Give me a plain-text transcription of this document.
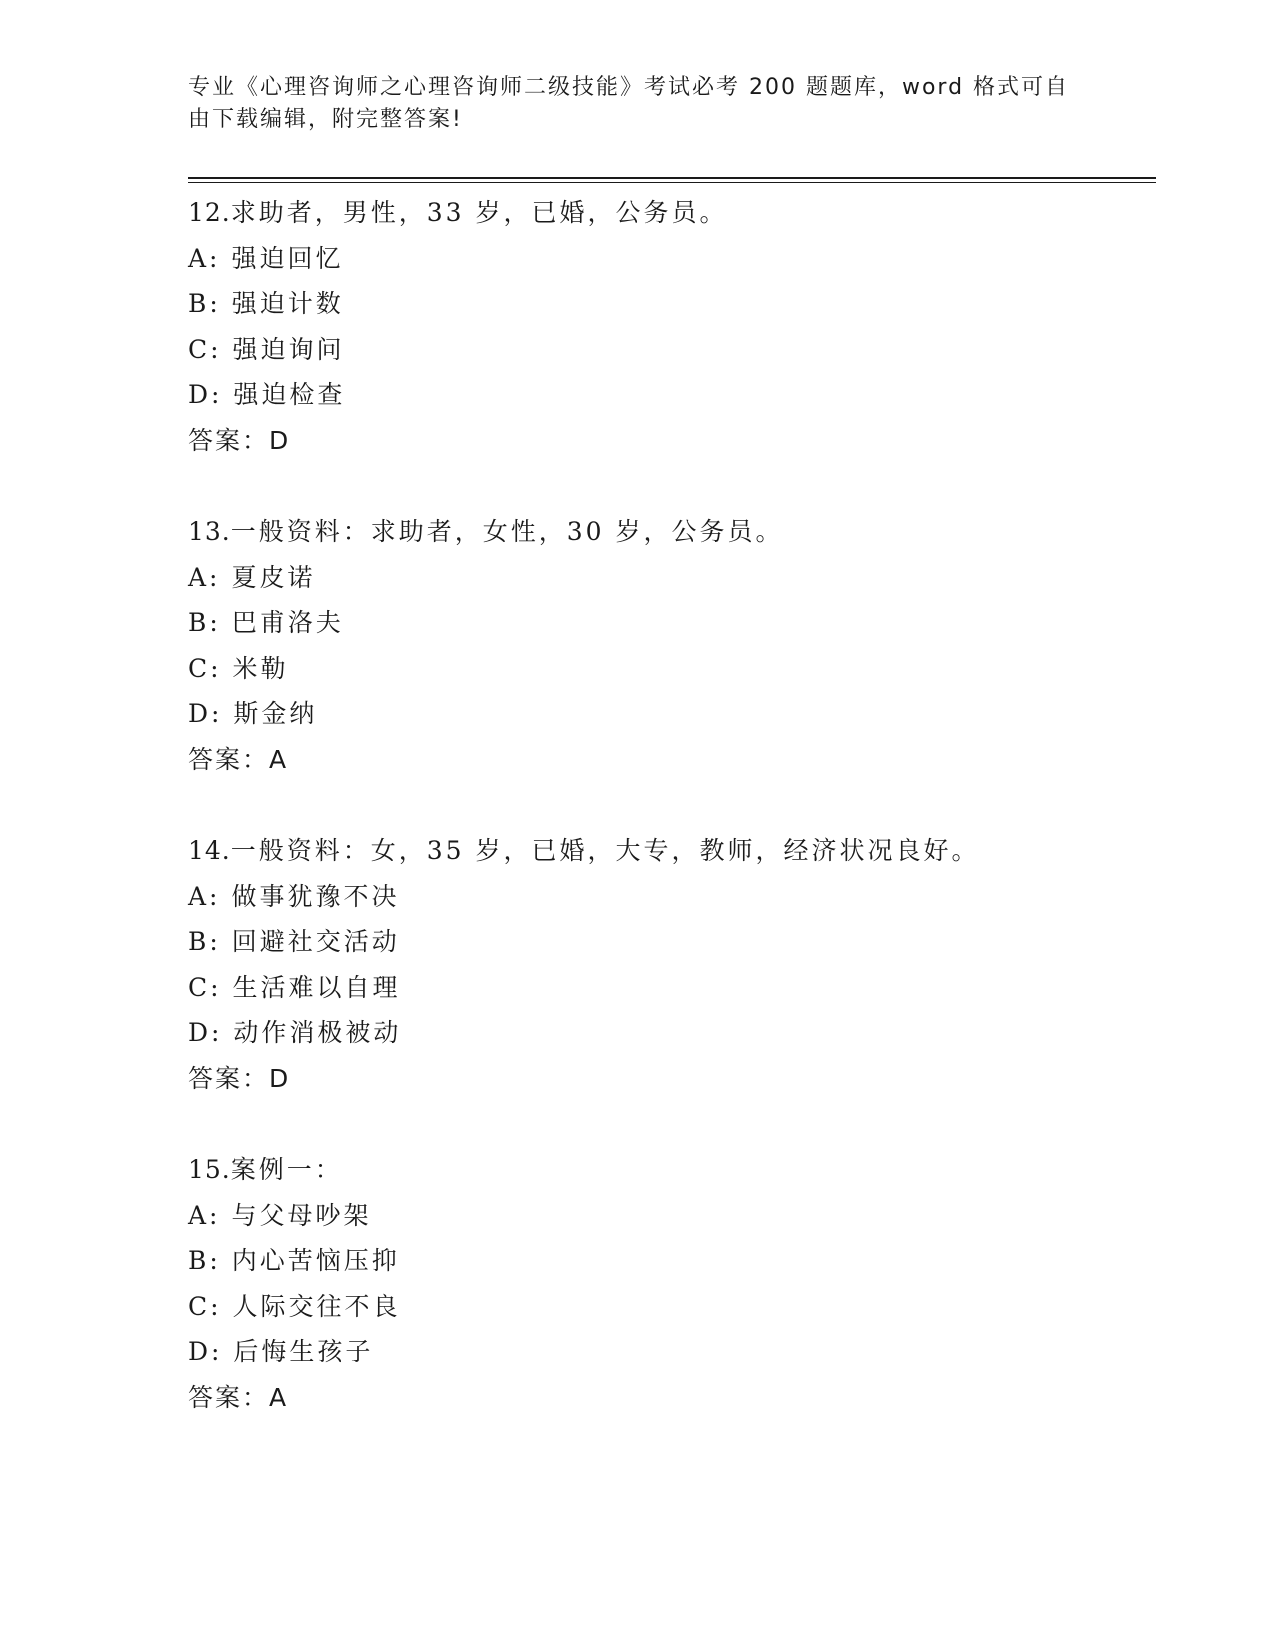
专业《心理咨询师之心理咨询师二级技能》考试必考 200 题题库，word 格式可自
由下载编辑，附完整答案!
12.求助者，男性，33 岁，已婚，公务员。
A: 强迫回忆
B: 强迫计数
C: 强迫询问
D: 强迫检查
答案：D
13.一般资料：求助者，女性，30 岁，公务员。
A: 夏皮诺
B: 巴甫洛夫
C: 米勒
D: 斯金纳
答案：A
14.一般资料：女，35 岁，已婚，大专，教师，经济状况良好。
A: 做事犹豫不决
B: 回避社交活动
C: 生活难以自理
D: 动作消极被动
答案：D
15.案例一：
A: 与父母吵架
B: 内心苦恼压抑
C: 人际交往不良
D: 后悔生孩子
答案：A
